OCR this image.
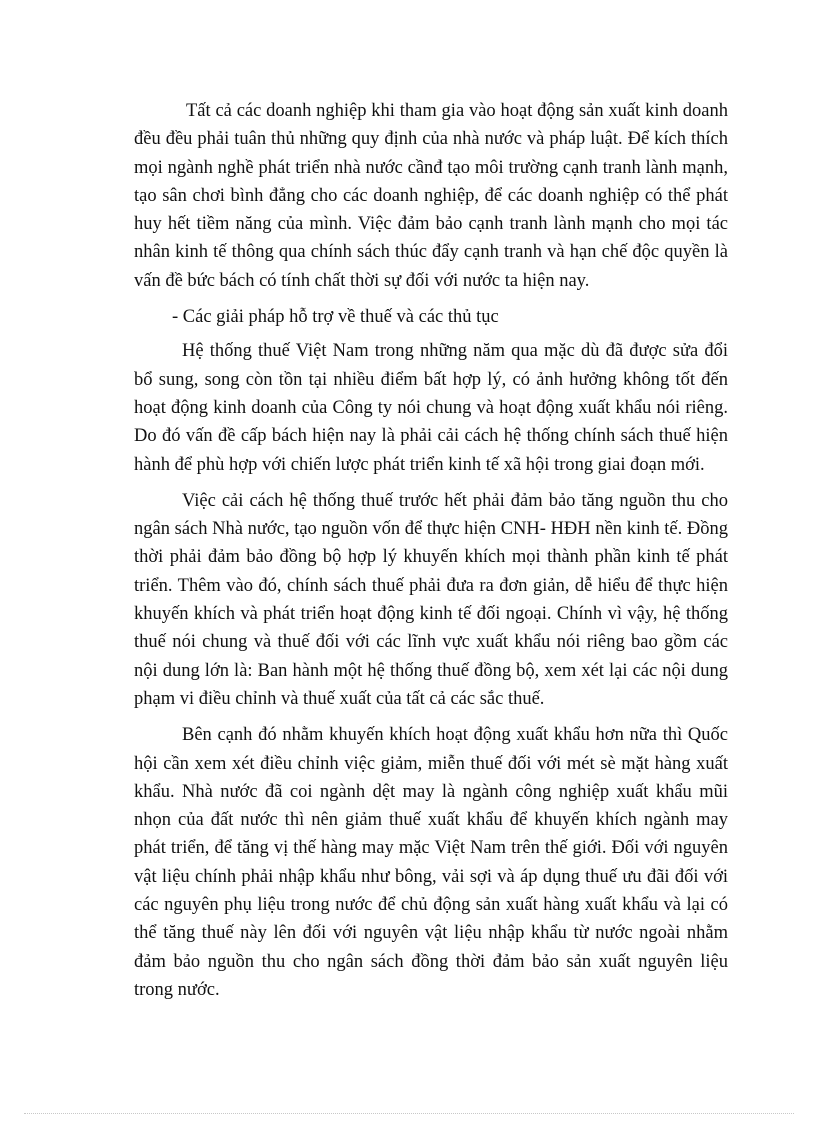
Tất cả các doanh nghiệp khi tham gia vào hoạt động sản xuất kinh doanh đều đều phải tuân thủ những quy định của nhà nước và pháp luật. Để kích thích mọi ngành nghề phát triển nhà nước cầnđ tạo môi trường cạnh tranh lành mạnh, tạo sân chơi bình đẳng cho các doanh nghiệp, để các doanh nghiệp có thể phát huy hết tiềm năng của mình. Việc đảm bảo cạnh tranh lành mạnh cho mọi tác nhân kinh tế thông qua chính sách thúc đẩy cạnh tranh và hạn chế độc quyền là vấn đề bức bách có tính chất thời sự đối với nước ta hiện nay.

- Các giải pháp hỗ trợ về thuế và các thủ tục

Hệ thống thuế Việt Nam trong những năm qua mặc dù đã được sửa đổi bổ sung, song còn tồn tại nhiều điểm bất hợp lý, có ảnh hưởng không tốt đến hoạt động kinh doanh của Công ty nói chung và hoạt động xuất khẩu nói riêng. Do đó vấn đề cấp bách hiện nay là phải cải cách hệ thống chính sách thuế hiện hành để phù hợp với chiến lược phát triển kinh tế xã hội trong giai đoạn mới.

Việc cải cách hệ thống thuế trước hết phải đảm bảo tăng nguồn thu cho ngân sách Nhà nước, tạo nguồn vốn để thực hiện CNH- HĐH nền kinh tế. Đồng thời phải đảm bảo đồng bộ hợp lý khuyến khích mọi thành phần kinh tế phát triển. Thêm vào đó, chính sách thuế phải đưa ra đơn giản, dễ hiểu để thực hiện khuyến khích và phát triển hoạt động kinh tế đối ngoại. Chính vì vậy, hệ thống thuế nói chung và thuế đối với các lĩnh vực xuất khẩu nói riêng bao gồm các nội dung lớn là: Ban hành một hệ thống thuế đồng bộ, xem xét lại các nội dung phạm vi điều chỉnh và thuế xuất của tất cả các sắc thuế.

Bên cạnh đó nhằm khuyến khích hoạt động xuất khẩu hơn nữa thì Quốc hội cần xem xét điều chỉnh việc giảm, miễn thuế đối với mét sè mặt hàng xuất khẩu. Nhà nước đã coi ngành dệt may là ngành công nghiệp xuất khẩu mũi nhọn của đất nước thì nên giảm thuế xuất khẩu để khuyến khích ngành may phát triển, để tăng vị thế hàng may mặc Việt Nam trên thế giới. Đối với nguyên vật liệu chính phải nhập khẩu như bông, vải sợi và áp dụng thuế ưu đãi đối với các nguyên phụ liệu trong nước để chủ động sản xuất hàng xuất khẩu và lại có thể tăng thuế này lên đối với nguyên vật liệu nhập khẩu từ nước ngoài nhằm đảm bảo nguồn thu cho ngân sách đồng thời đảm bảo sản xuất nguyên liệu trong nước.
